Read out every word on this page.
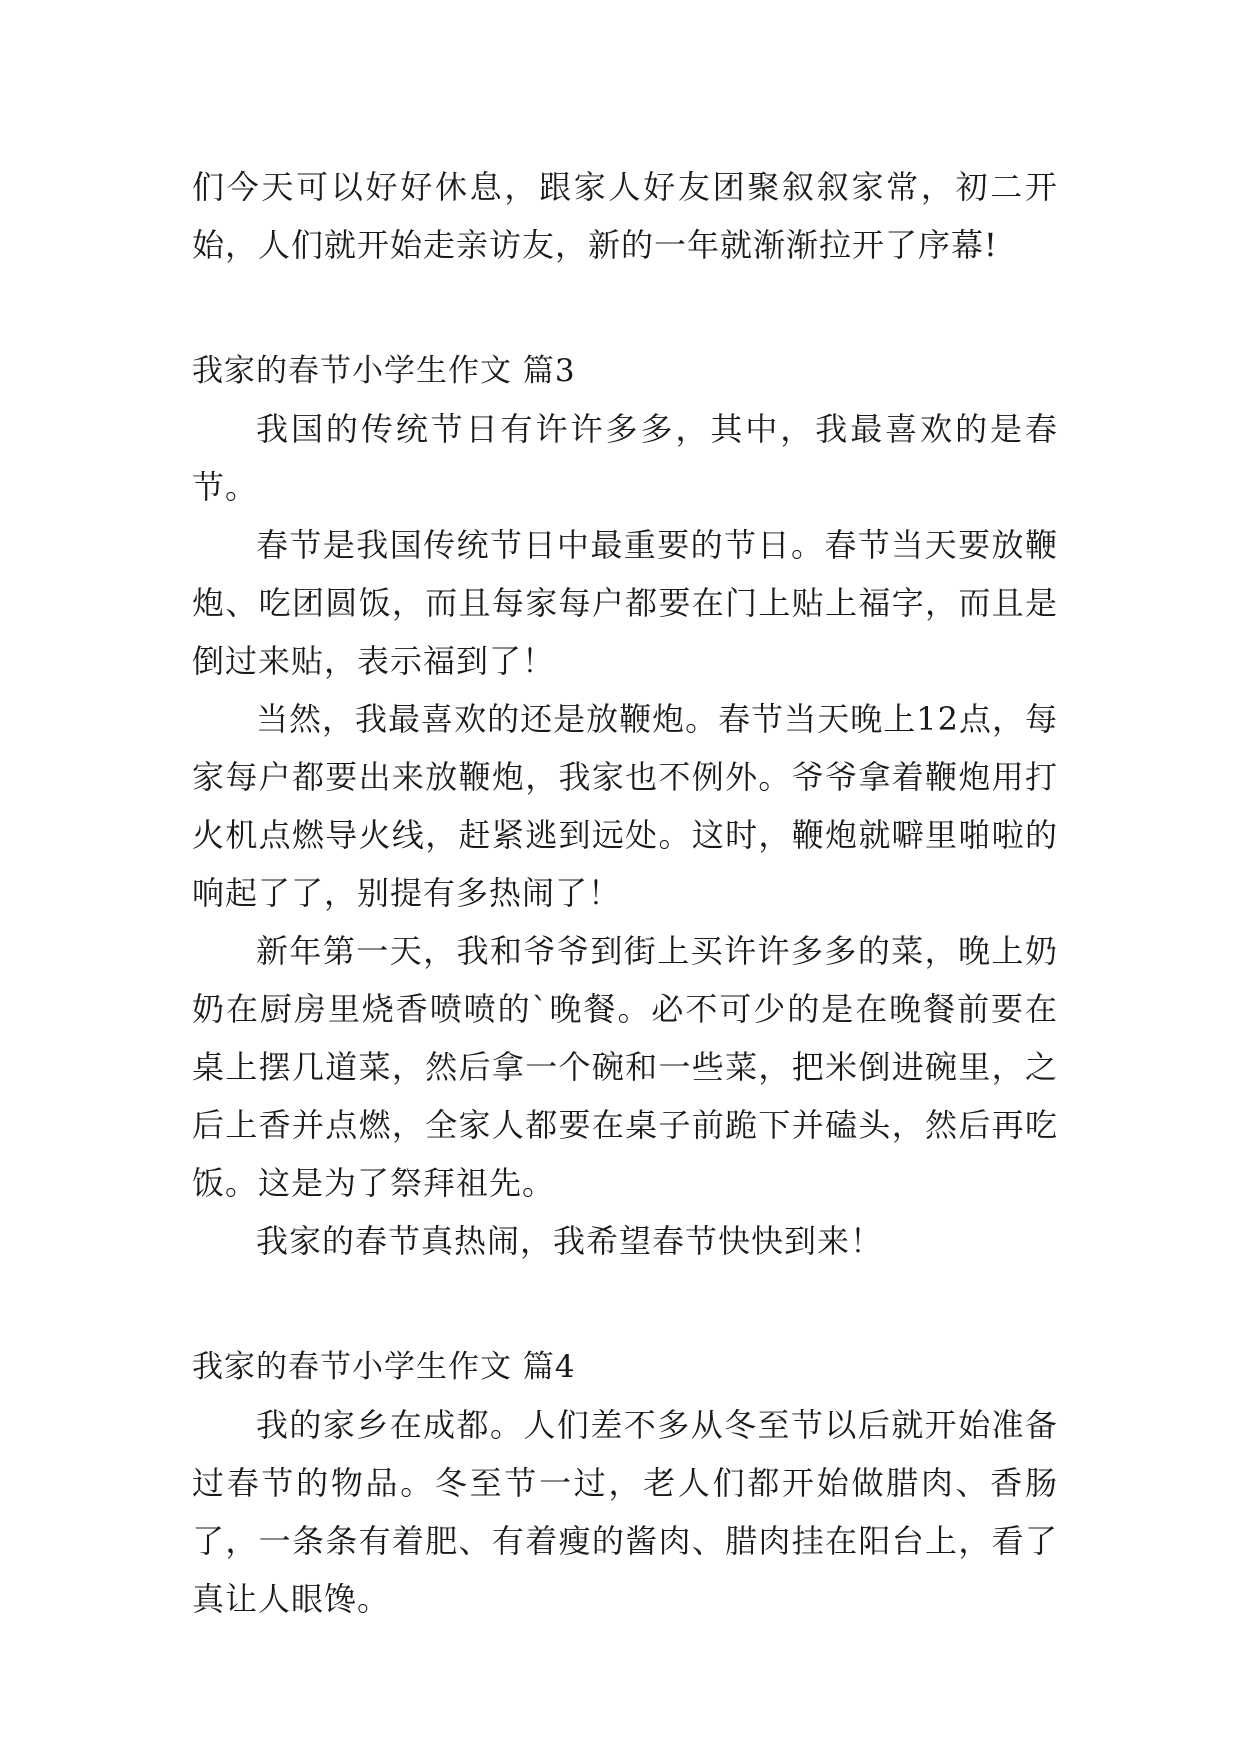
们今天可以好好休息，跟家人好友团聚叙叙家常，初二开始，人们就开始走亲访友，新的一年就渐渐拉开了序幕!

我家的春节小学生作文 篇3

我国的传统节日有许许多多，其中，我最喜欢的是春节。

春节是我国传统节日中最重要的节日。春节当天要放鞭炮、吃团圆饭，而且每家每户都要在门上贴上福字，而且是倒过来贴，表示福到了！

当然，我最喜欢的还是放鞭炮。春节当天晚上12点，每家每户都要出来放鞭炮，我家也不例外。爷爷拿着鞭炮用打火机点燃导火线，赶紧逃到远处。这时，鞭炮就噼里啪啦的响起了了，别提有多热闹了！

新年第一天，我和爷爷到街上买许许多多的菜，晚上奶奶在厨房里烧香喷喷的`晚餐。必不可少的是在晚餐前要在桌上摆几道菜，然后拿一个碗和一些菜，把米倒进碗里，之后上香并点燃，全家人都要在桌子前跪下并磕头，然后再吃饭。这是为了祭拜祖先。

我家的春节真热闹，我希望春节快快到来！

我家的春节小学生作文 篇4

我的家乡在成都。人们差不多从冬至节以后就开始准备过春节的物品。冬至节一过，老人们都开始做腊肉、香肠了，一条条有着肥、有着瘦的酱肉、腊肉挂在阳台上，看了真让人眼馋。
